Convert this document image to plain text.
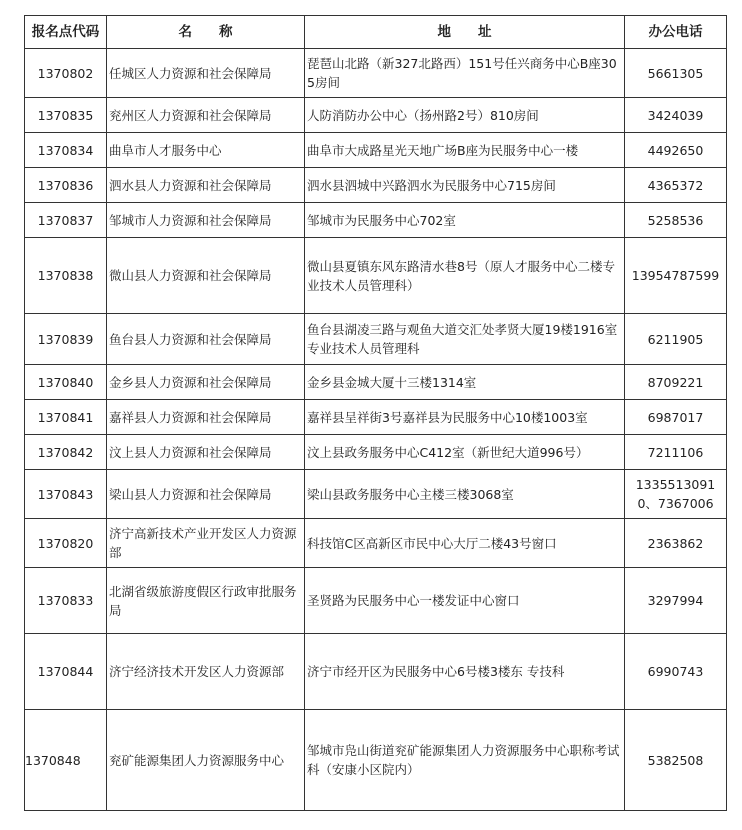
报名点代码	名　　称	地　　址	办公电话
1370802	任城区人力资源和社会保障局	琵琶山北路（新327北路西）151号任兴商务中心B座305房间	5661305
1370835	兖州区人力资源和社会保障局	人防消防办公中心（扬州路2号）810房间	3424039
1370834	曲阜市人才服务中心	曲阜市大成路星光天地广场B座为民服务中心一楼	4492650
1370836	泗水县人力资源和社会保障局	泗水县泗城中兴路泗水为民服务中心715房间	4365372
1370837	邹城市人力资源和社会保障局	邹城市为民服务中心702室	5258536
1370838	微山县人力资源和社会保障局	微山县夏镇东风东路清水巷8号（原人才服务中心二楼专业技术人员管理科）	13954787599
1370839	鱼台县人力资源和社会保障局	鱼台县湖凌三路与观鱼大道交汇处孝贤大厦19楼1916室专业技术人员管理科	6211905
1370840	金乡县人力资源和社会保障局	金乡县金城大厦十三楼1314室	8709221
1370841	嘉祥县人力资源和社会保障局	嘉祥县呈祥街3号嘉祥县为民服务中心10楼1003室	6987017
1370842	汶上县人力资源和社会保障局	汶上县政务服务中心C412室（新世纪大道996号）	7211106
1370843	梁山县人力资源和社会保障局	梁山县政务服务中心主楼三楼3068室	13355130910、7367006
1370820	济宁高新技术产业开发区人力资源部	科技馆C区高新区市民中心大厅二楼43号窗口	2363862
1370833	北湖省级旅游度假区行政审批服务局	圣贤路为民服务中心一楼发证中心窗口	3297994
1370844	济宁经济技术开发区人力资源部	济宁市经开区为民服务中心6号楼3楼东 专技科	6990743
1370848	兖矿能源集团人力资源服务中心	邹城市凫山街道兖矿能源集团人力资源服务中心职称考试科（安康小区院内）	5382508
